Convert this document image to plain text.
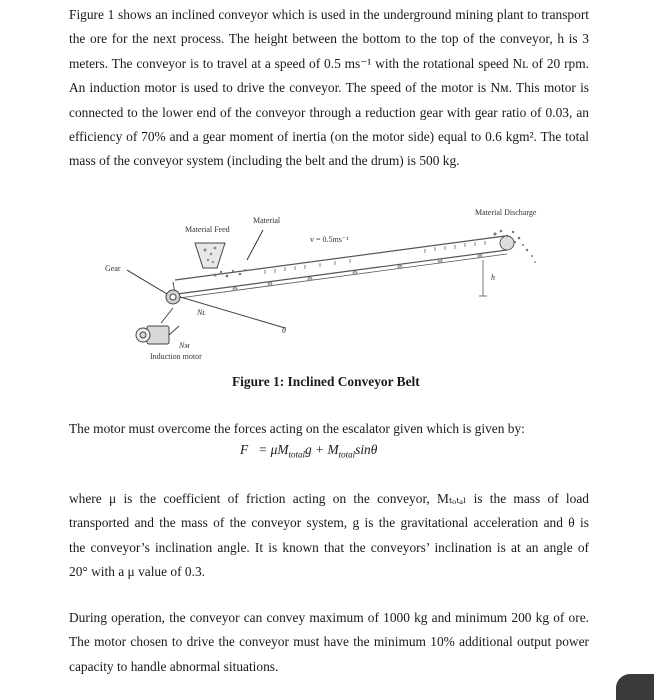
Figure 1 shows an inclined conveyor which is used in the underground mining plant to transport
the ore for the next process. The height between the bottom to the top of the conveyor, h is 3
meters. The conveyor is to travel at a speed of 0.5 ms⁻¹ with the rotational speed Nʟ of 20 rpm.
An induction motor is used to drive the conveyor. The speed of the motor is Nᴍ. This motor is
connected to the lower end of the conveyor through a reduction gear with gear ratio of 0.03, an
efficiency of 70% and a gear moment of inertia (on the motor side) equal to 0.6 kgm². The total
mass of the conveyor system (including the belt and the drum) is 500 kg.
Material Feed
Material
v = 0.5ms⁻¹
Material Discharge
Gear
Nʟ
Nᴍ
Induction motor
h
θ
Figure 1: Inclined Conveyor Belt
The motor must overcome the forces acting on the escalator given which is given by:
$F = \mu M_{total}g + M_{total}\sin\theta$
where μ is the coefficient of friction acting on the conveyor, Mₜₒₜₐₗ is the mass of load
transported and the mass of the conveyor system, g is the gravitational acceleration and θ is
the conveyor’s inclination angle. It is known that the conveyors’ inclination is at an angle of
20° with a μ value of 0.3.
During operation, the conveyor can convey maximum of 1000 kg and minimum 200 kg of ore.
The motor chosen to drive the conveyor must have the minimum 10% additional output power
capacity to handle abnormal situations.
